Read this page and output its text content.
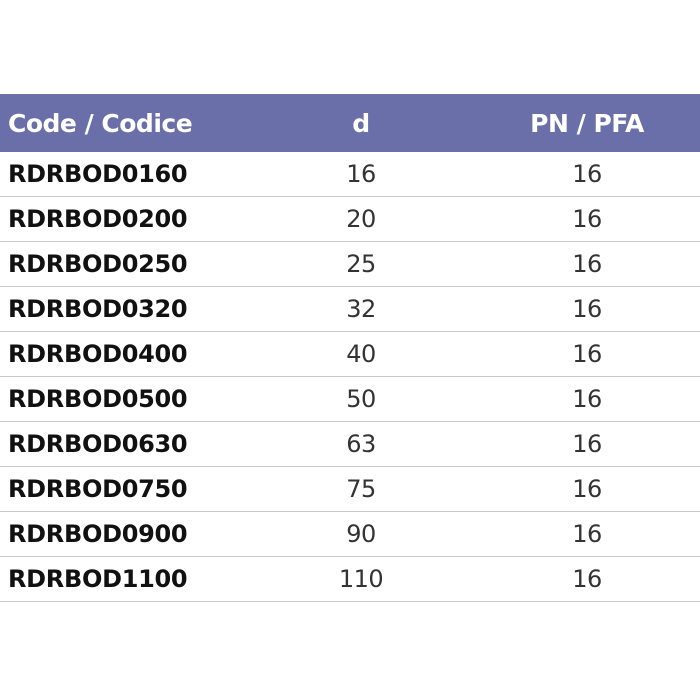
Code / Codice	d	PN / PFA
RDRBOD0160	16	16
RDRBOD0200	20	16
RDRBOD0250	25	16
RDRBOD0320	32	16
RDRBOD0400	40	16
RDRBOD0500	50	16
RDRBOD0630	63	16
RDRBOD0750	75	16
RDRBOD0900	90	16
RDRBOD1100	110	16
